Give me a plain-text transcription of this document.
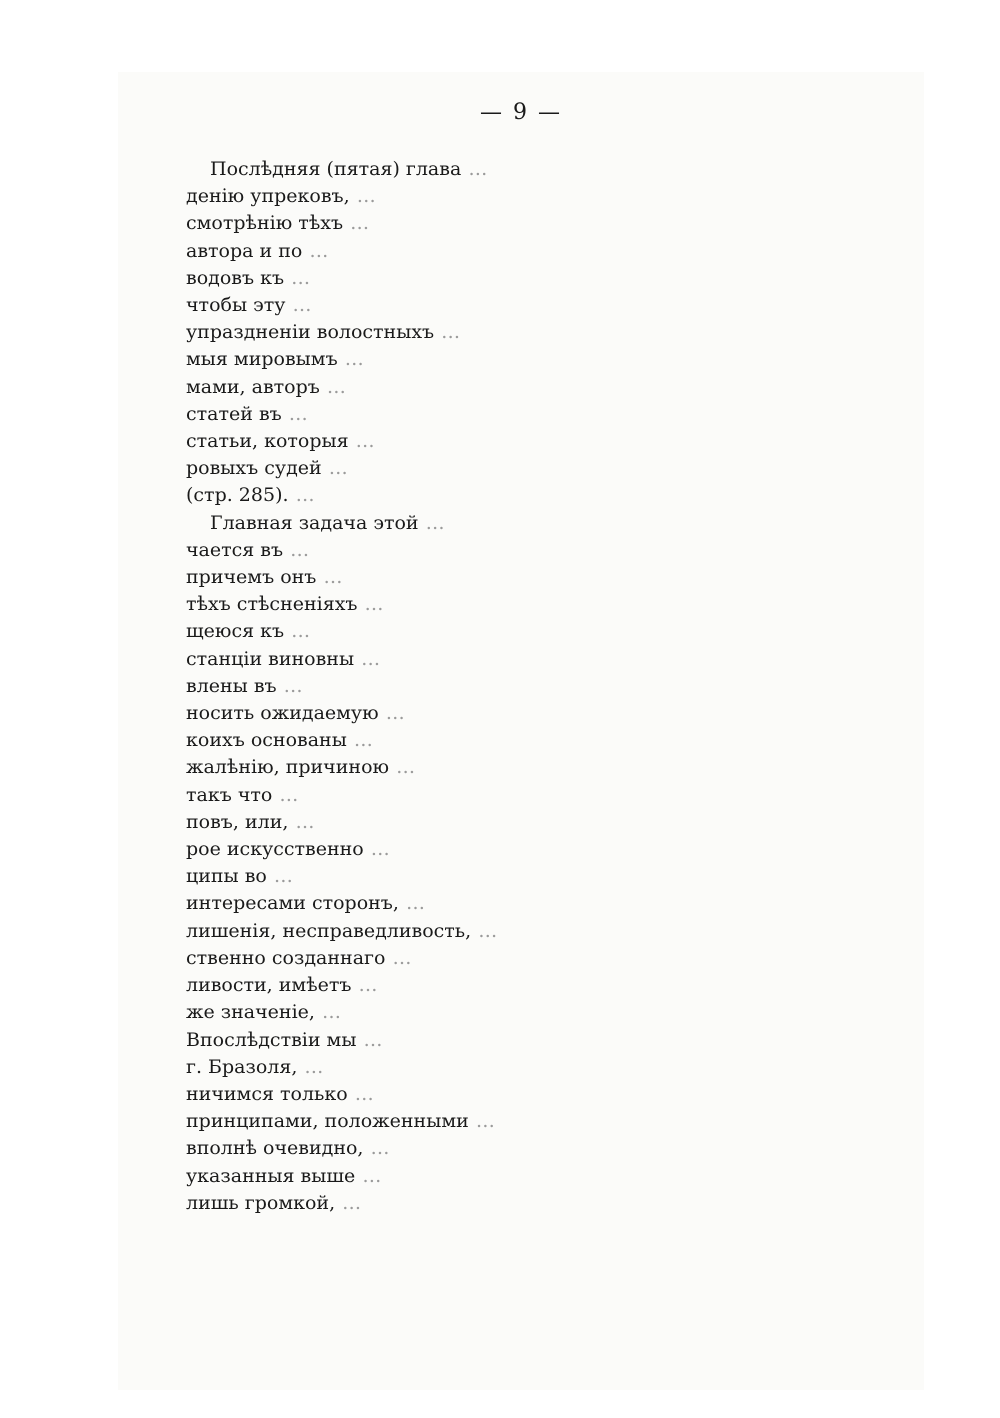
— 9 —
Послѣдняя (пятая) глава …
денію упрековъ, …
смотрѣнію тѣхъ …
автора и по …
водовъ къ …
чтобы эту …
упраздненіи волостныхъ …
мыя мировымъ …
мами, авторъ …
статей въ …
статьи, которыя …
ровыхъ судей …
(стр. 285). …
Главная задача этой …
чается въ …
причемъ онъ …
тѣхъ стѣсненіяхъ …
щеюся къ …
станціи виновны …
влены въ …
носить ожидаемую …
коихъ основаны …
жалѣнію, причиною …
такъ что …
повъ, или, …
рое искусственно …
ципы во …
интересами сторонъ, …
лишенія, несправедливость, …
ственно созданнаго …
ливости, имѣетъ …
же значеніе, …
Впослѣдствіи мы …
г. Бразоля, …
ничимся только …
принципами, положенными …
вполнѣ очевидно, …
указанныя выше …
лишь громкой, …
